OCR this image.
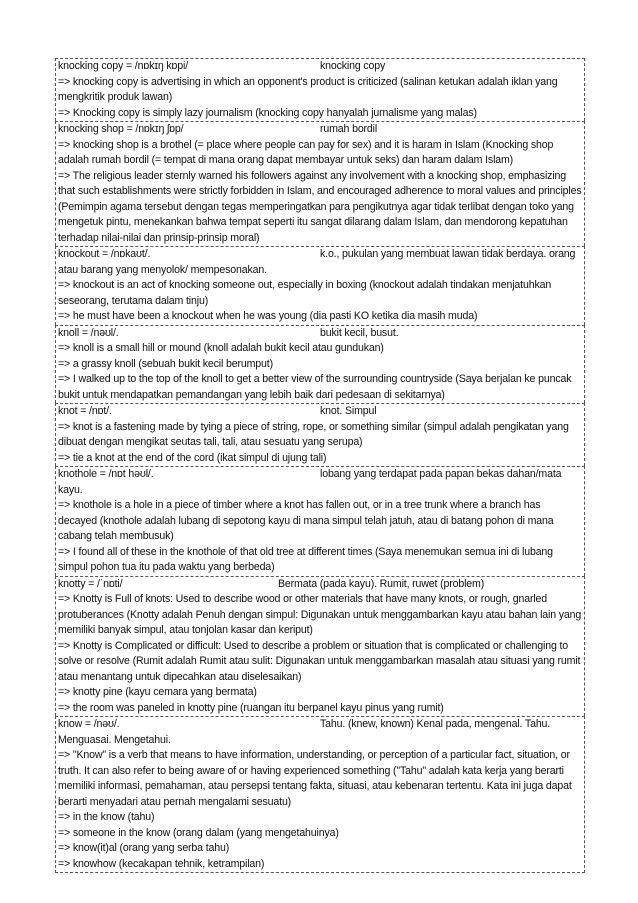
knocking copy = /nɒkɪŋ kɒpi/	knocking copy
=> knocking copy is advertising in which an opponent's product is criticized (salinan ketukan adalah iklan yang mengkritik produk lawan)
=> Knocking copy is simply lazy journalism (knocking copy hanyalah jurnalisme yang malas)
knocking shop = /nɒkɪŋ ʃɒp/	rumah bordil
=> knocking shop is a brothel (= place where people can pay for sex) and it is haram in Islam (Knocking shop adalah rumah bordil (= tempat di mana orang dapat membayar untuk seks) dan haram dalam Islam)
=> The religious leader sternly warned his followers against any involvement with a knocking shop, emphasizing that such establishments were strictly forbidden in Islam, and encouraged adherence to moral values and principles (Pemimpin agama tersebut dengan tegas memperingatkan para pengikutnya agar tidak terlibat dengan toko yang mengetuk pintu, menekankan bahwa tempat seperti itu sangat dilarang dalam Islam, dan mendorong kepatuhan terhadap nilai-nilai dan prinsip-prinsip moral)
knockout = /nɒkaʊt/.	k.o., pukulan yang membuat lawan tidak berdaya. orang atau barang yang menyolok/ mempesonakan.
=> knockout is an act of knocking someone out, especially in boxing (knockout adalah tindakan menjatuhkan seseorang, terutama dalam tinju)
=> he must have been a knockout when he was young (dia pasti KO ketika dia masih muda)
knoll = /nəʊl/.	bukit kecil, busut.
=> knoll is a small hill or mound (knoll adalah bukit kecil atau gundukan)
=> a grassy knoll (sebuah bukit kecil berumput)
=> I walked up to the top of the knoll to get a better view of the surrounding countryside (Saya berjalan ke puncak bukit untuk mendapatkan pemandangan yang lebih baik dari pedesaan di sekitarnya)
knot = /nɒt/.	knot. Simpul
=> knot is a fastening made by tying a piece of string, rope, or something similar (simpul adalah pengikatan yang dibuat dengan mengikat seutas tali, tali, atau sesuatu yang serupa)
=> tie a knot at the end of the cord (ikat simpul di ujung tali)
knothole = /nɒt həʊl/.	lobang yang terdapat pada papan bekas dahan/mata kayu.
=> knothole is a hole in a piece of timber where a knot has fallen out, or in a tree trunk where a branch has decayed (knothole adalah lubang di sepotong kayu di mana simpul telah jatuh, atau di batang pohon di mana cabang telah membusuk)
=> I found all of these in the knothole of that old tree at different times (Saya menemukan semua ini di lubang simpul pohon tua itu pada waktu yang berbeda)
knotty = /ˈnɒti/	Bermata (pada kayu). Rumit, ruwet (problem)
=> Knotty is Full of knots: Used to describe wood or other materials that have many knots, or rough, gnarled protuberances (Knotty adalah Penuh dengan simpul: Digunakan untuk menggambarkan kayu atau bahan lain yang memiliki banyak simpul, atau tonjolan kasar dan keriput)
=> Knotty is Complicated or difficult: Used to describe a problem or situation that is complicated or challenging to solve or resolve (Rumit adalah Rumit atau sulit: Digunakan untuk menggambarkan masalah atau situasi yang rumit atau menantang untuk dipecahkan atau diselesaikan)
=> knotty pine (kayu cemara yang bermata)
=> the room was paneled in knotty pine (ruangan itu berpanel kayu pinus yang rumit)
know = /nəʊ/.	Tahu. (knew, known) Kenal pada, mengenal. Tahu. Menguasai. Mengetahui.
=> "Know" is a verb that means to have information, understanding, or perception of a particular fact, situation, or truth. It can also refer to being aware of or having experienced something ("Tahu" adalah kata kerja yang berarti memiliki informasi, pemahaman, atau persepsi tentang fakta, situasi, atau kebenaran tertentu. Kata ini juga dapat berarti menyadari atau pernah mengalami sesuatu)
=> in the know (tahu)
=> someone in the know (orang dalam (yang mengetahuinya)
=> know(it)al (orang yang serba tahu)
=> knowhow (kecakapan tehnik, ketrampilan)
